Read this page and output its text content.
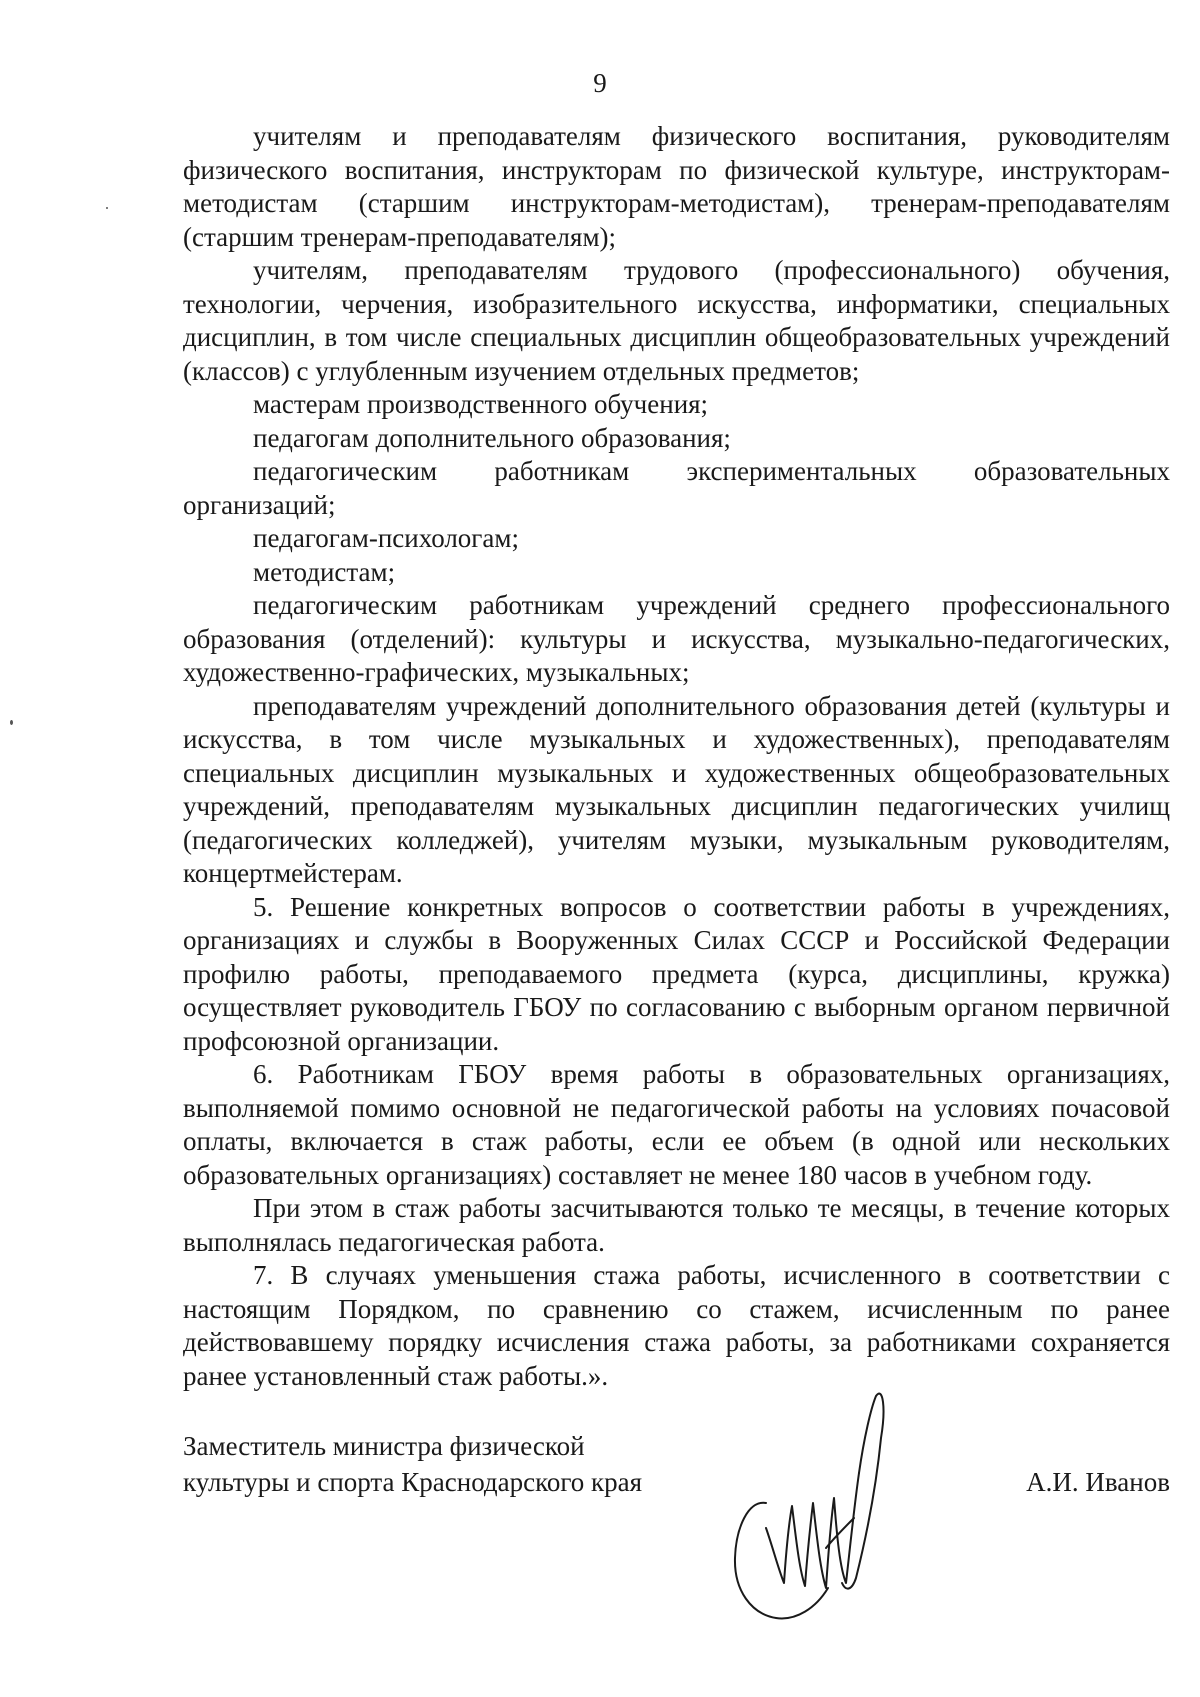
9

учителям и преподавателям физического воспитания, руководителям физического воспитания, инструкторам по физической культуре, инструкторам-методистам (старшим инструкторам-методистам), тренерам-преподавателям (старшим тренерам-преподавателям);

учителям, преподавателям трудового (профессионального) обучения, технологии, черчения, изобразительного искусства, информатики, специальных дисциплин, в том числе специальных дисциплин общеобразовательных учреждений (классов) с углубленным изучением отдельных предметов;

мастерам производственного обучения;

педагогам дополнительного образования;

педагогическим работникам экспериментальных образовательных организаций;

педагогам-психологам;

методистам;

педагогическим работникам учреждений среднего профессионального образования (отделений): культуры и искусства, музыкально-педагогических, художественно-графических, музыкальных;

преподавателям учреждений дополнительного образования детей (культуры и искусства, в том числе музыкальных и художественных), преподавателям специальных дисциплин музыкальных и художественных общеобразовательных учреждений, преподавателям музыкальных дисциплин педагогических училищ (педагогических колледжей), учителям музыки, музыкальным руководителям, концертмейстерам.

5. Решение конкретных вопросов о соответствии работы в учреждениях, организациях и службы в Вооруженных Силах СССР и Российской Федерации профилю работы, преподаваемого предмета (курса, дисциплины, кружка) осуществляет руководитель ГБОУ по согласованию с выборным органом первичной профсоюзной организации.

6. Работникам ГБОУ время работы в образовательных организациях, выполняемой помимо основной не педагогической работы на условиях почасовой оплаты, включается в стаж работы, если ее объем (в одной или нескольких образовательных организациях) составляет не менее 180 часов в учебном году.

При этом в стаж работы засчитываются только те месяцы, в течение которых выполнялась педагогическая работа.

7. В случаях уменьшения стажа работы, исчисленного в соответствии с настоящим Порядком, по сравнению со стажем, исчисленным по ранее действовавшему порядку исчисления стажа работы, за работниками сохраняется ранее установленный стаж работы.».

Заместитель министра физической
культуры и спорта Краснодарского края	А.И. Иванов
